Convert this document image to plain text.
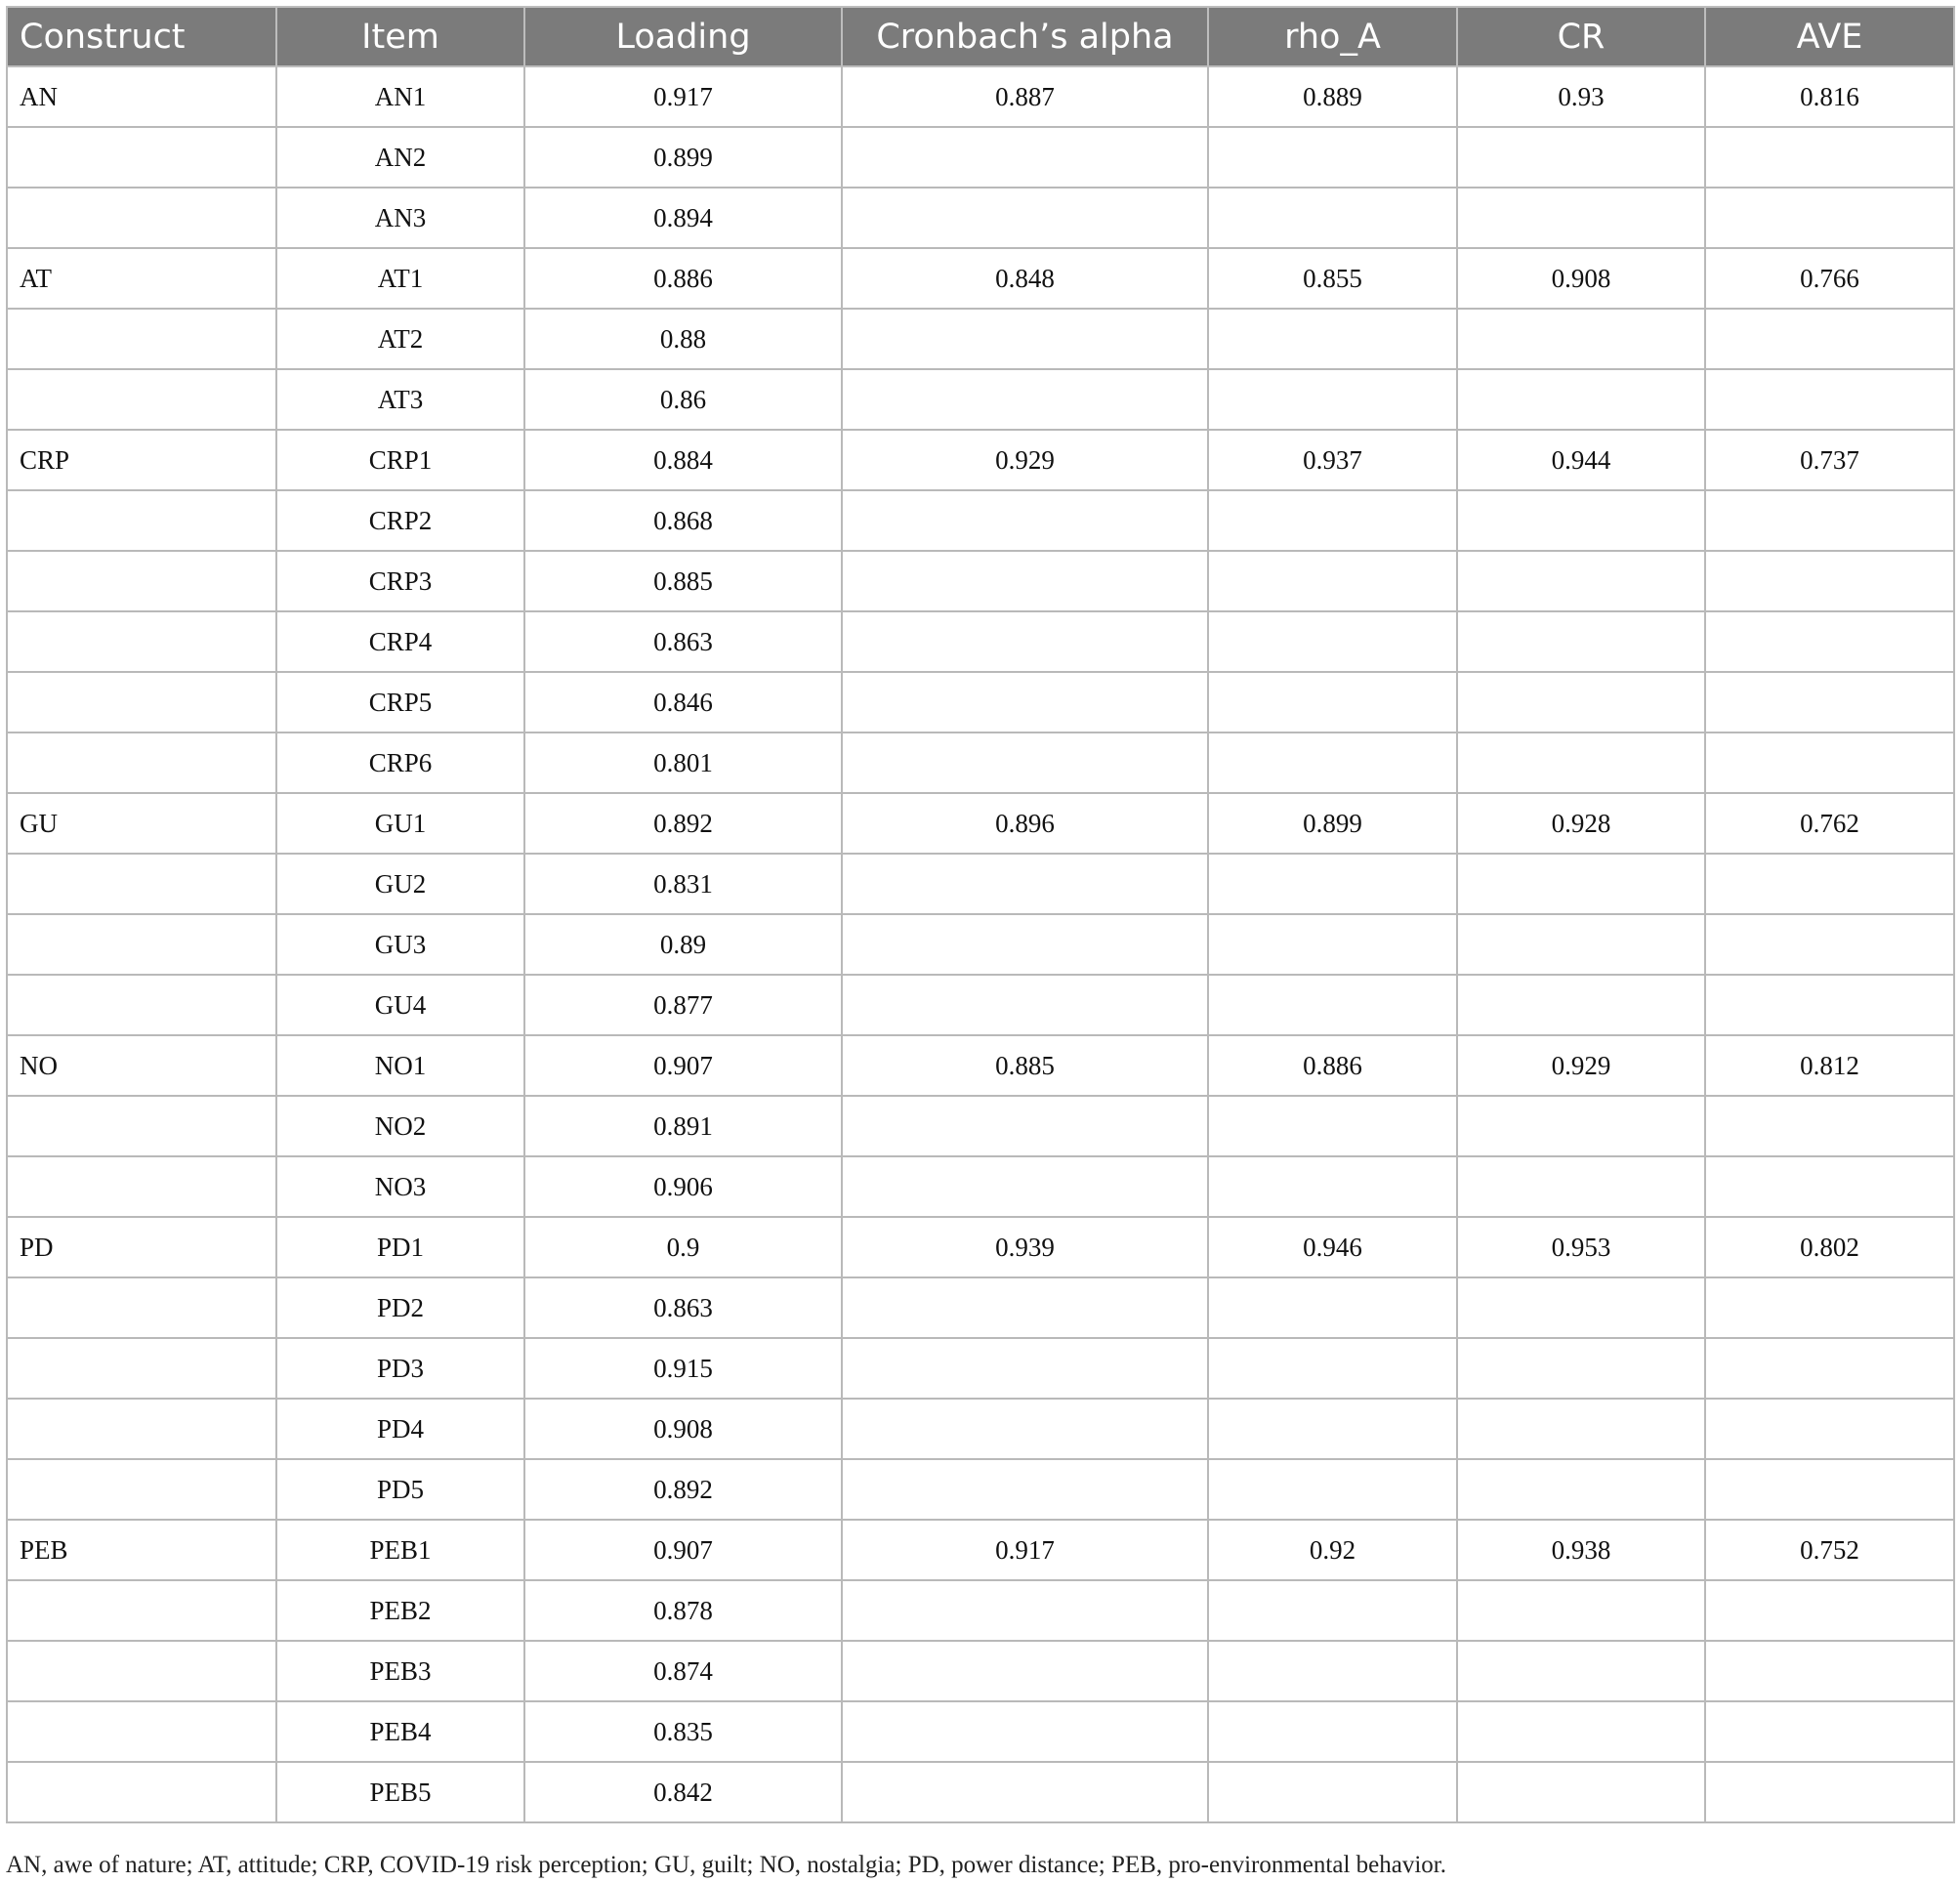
Construct	Item	Loading	Cronbach’s alpha	rho_A	CR	AVE
AN	AN1	0.917	0.887	0.889	0.93	0.816
	AN2	0.899				
	AN3	0.894				
AT	AT1	0.886	0.848	0.855	0.908	0.766
	AT2	0.88				
	AT3	0.86				
CRP	CRP1	0.884	0.929	0.937	0.944	0.737
	CRP2	0.868				
	CRP3	0.885				
	CRP4	0.863				
	CRP5	0.846				
	CRP6	0.801				
GU	GU1	0.892	0.896	0.899	0.928	0.762
	GU2	0.831				
	GU3	0.89				
	GU4	0.877				
NO	NO1	0.907	0.885	0.886	0.929	0.812
	NO2	0.891				
	NO3	0.906				
PD	PD1	0.9	0.939	0.946	0.953	0.802
	PD2	0.863				
	PD3	0.915				
	PD4	0.908				
	PD5	0.892				
PEB	PEB1	0.907	0.917	0.92	0.938	0.752
	PEB2	0.878				
	PEB3	0.874				
	PEB4	0.835				
	PEB5	0.842				
AN, awe of nature; AT, attitude; CRP, COVID-19 risk perception; GU, guilt; NO, nostalgia; PD, power distance; PEB, pro-environmental behavior.
